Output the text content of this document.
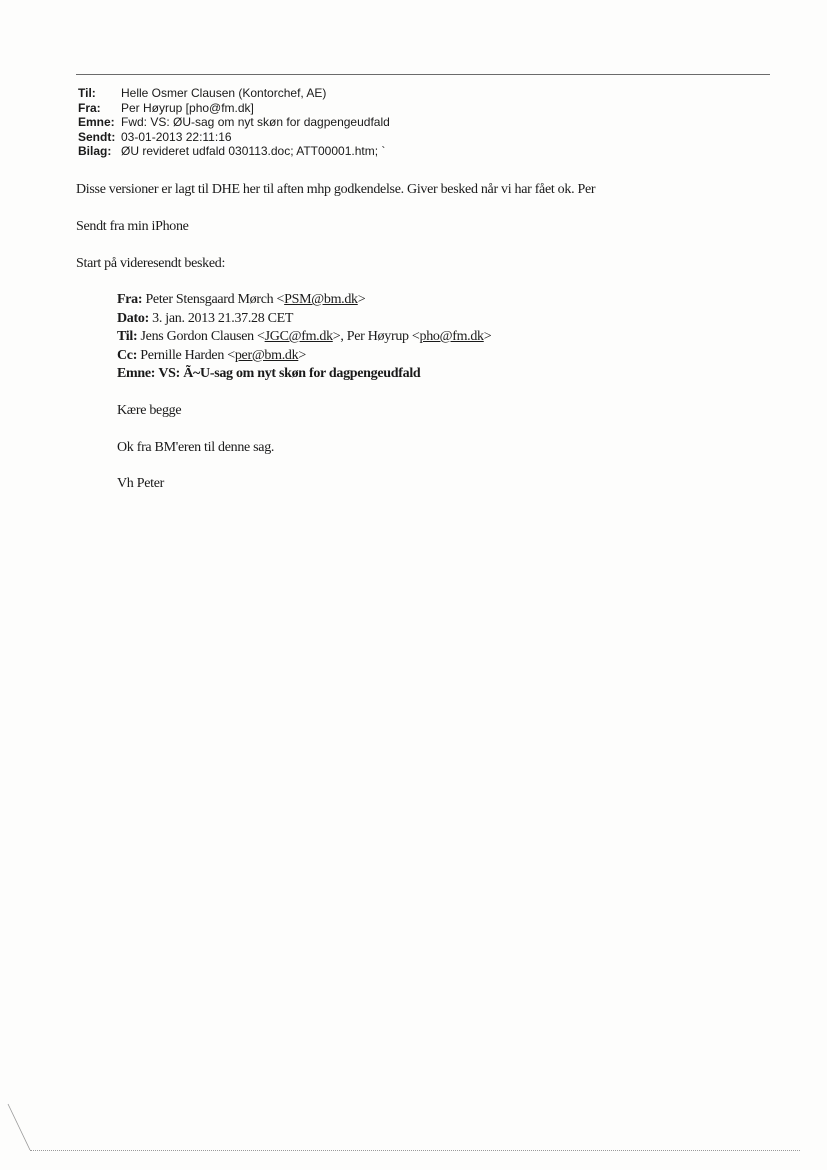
Til:	Helle Osmer Clausen (Kontorchef, AE)
Fra:	Per Høyrup [pho@fm.dk]
Emne: Fwd: VS: ØU-sag om nyt skøn for dagpengeudfald
Sendt: 03-01-2013 22:11:16
Bilag: ØU revideret udfald 030113.doc; ATT00001.htm; `
Disse versioner er lagt til DHE her til aften mhp godkendelse. Giver besked når vi har fået ok. Per
Sendt fra min iPhone
Start på videresendt besked:
Fra: Peter Stensgaard Mørch <PSM@bm.dk>
Dato: 3. jan. 2013 21.37.28 CET
Til: Jens Gordon Clausen <JGC@fm.dk>, Per Høyrup <pho@fm.dk>
Cc: Pernille Harden <per@bm.dk>
Emne: VS: Ã~U-sag om nyt skøn for dagpengeudfald
Kære begge
Ok fra BM'eren til denne sag.
Vh Peter
